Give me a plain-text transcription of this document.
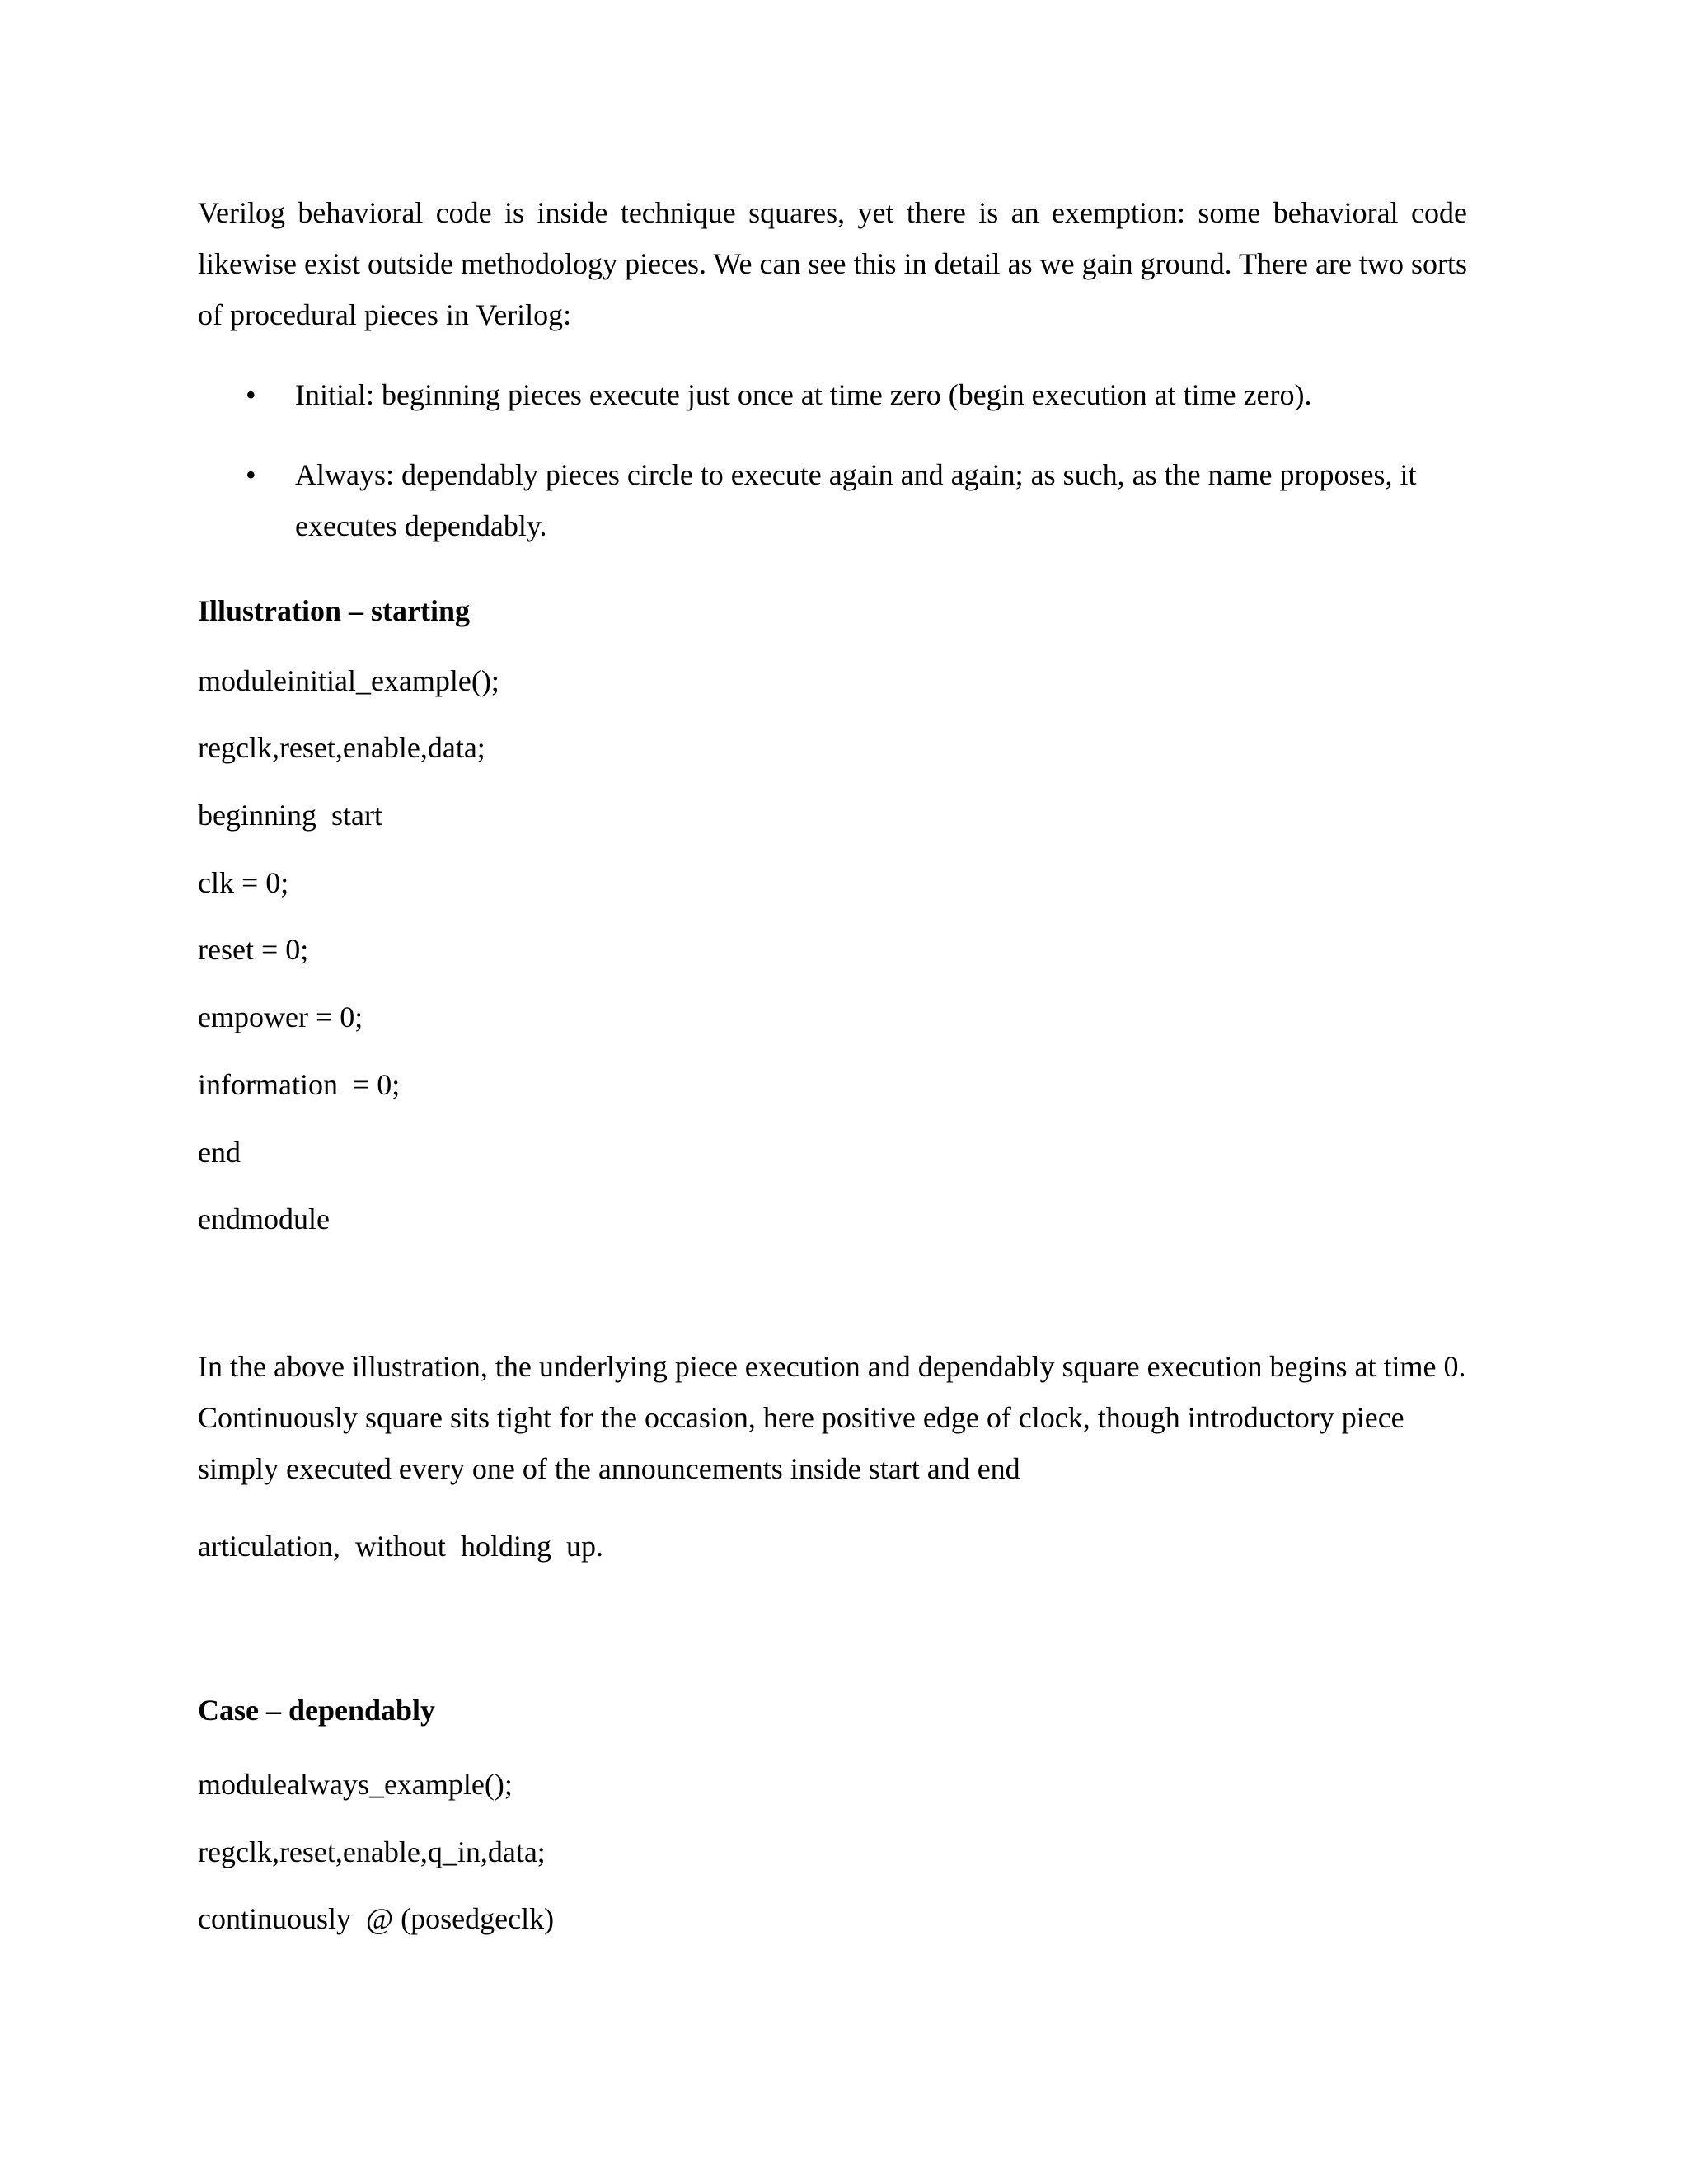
Verilog behavioral code is inside technique squares, yet there is an exemption: some behavioral code likewise exist outside methodology pieces. We can see this in detail as we gain ground. There are two sorts of procedural pieces in Verilog:

• Initial: beginning pieces execute just once at time zero (begin execution at time zero).
• Always: dependably pieces circle to execute again and again; as such, as the name proposes, it executes dependably.
Illustration – starting
moduleinitial_example();
regclk,reset,enable,data;
beginning  start
clk = 0;
reset = 0;
empower = 0;
information  = 0;
end
endmodule

In the above illustration, the underlying piece execution and dependably square execution begins at time 0. Continuously square sits tight for the occasion, here positive edge of clock, though introductory piece simply executed every one of the announcements inside start and end

articulation,  without  holding  up.
Case – dependably
modulealways_example();
regclk,reset,enable,q_in,data;
continuously  @ (posedgeclk)
